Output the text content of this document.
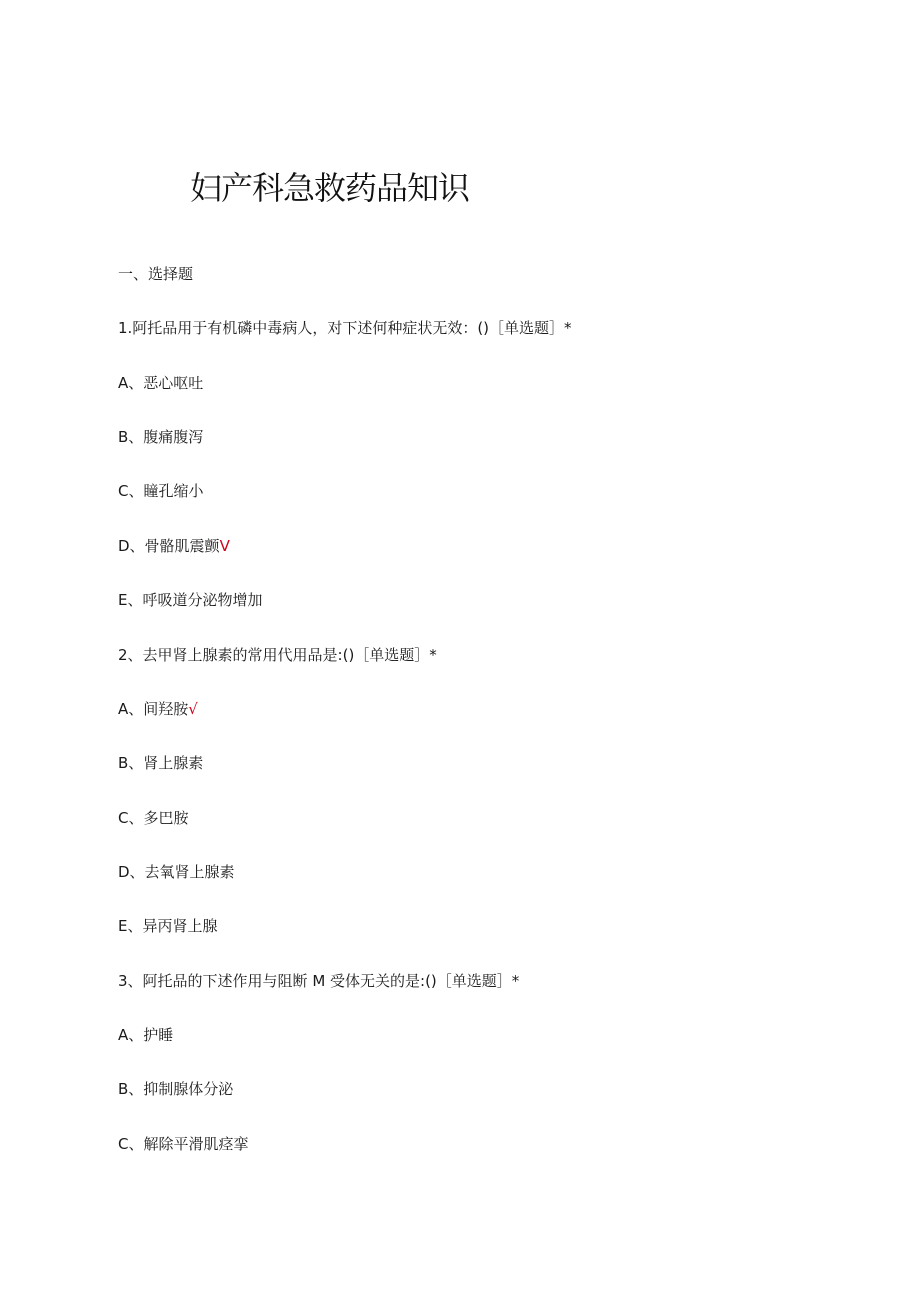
妇产科急救药品知识
一、选择题
1.阿托品用于有机磷中毒病人，对下述何种症状无效：()［单选题］*
A、恶心呕吐
B、腹痛腹泻
C、瞳孔缩小
D、骨骼肌震颤V
E、呼吸道分泌物增加
2、去甲肾上腺素的常用代用品是:()［单选题］*
A、间羟胺√
B、肾上腺素
C、多巴胺
D、去氧肾上腺素
E、异丙肾上腺
3、阿托品的下述作用与阻断 M 受体无关的是:()［单选题］*
A、护睡
B、抑制腺体分泌
C、解除平滑肌痉挛
